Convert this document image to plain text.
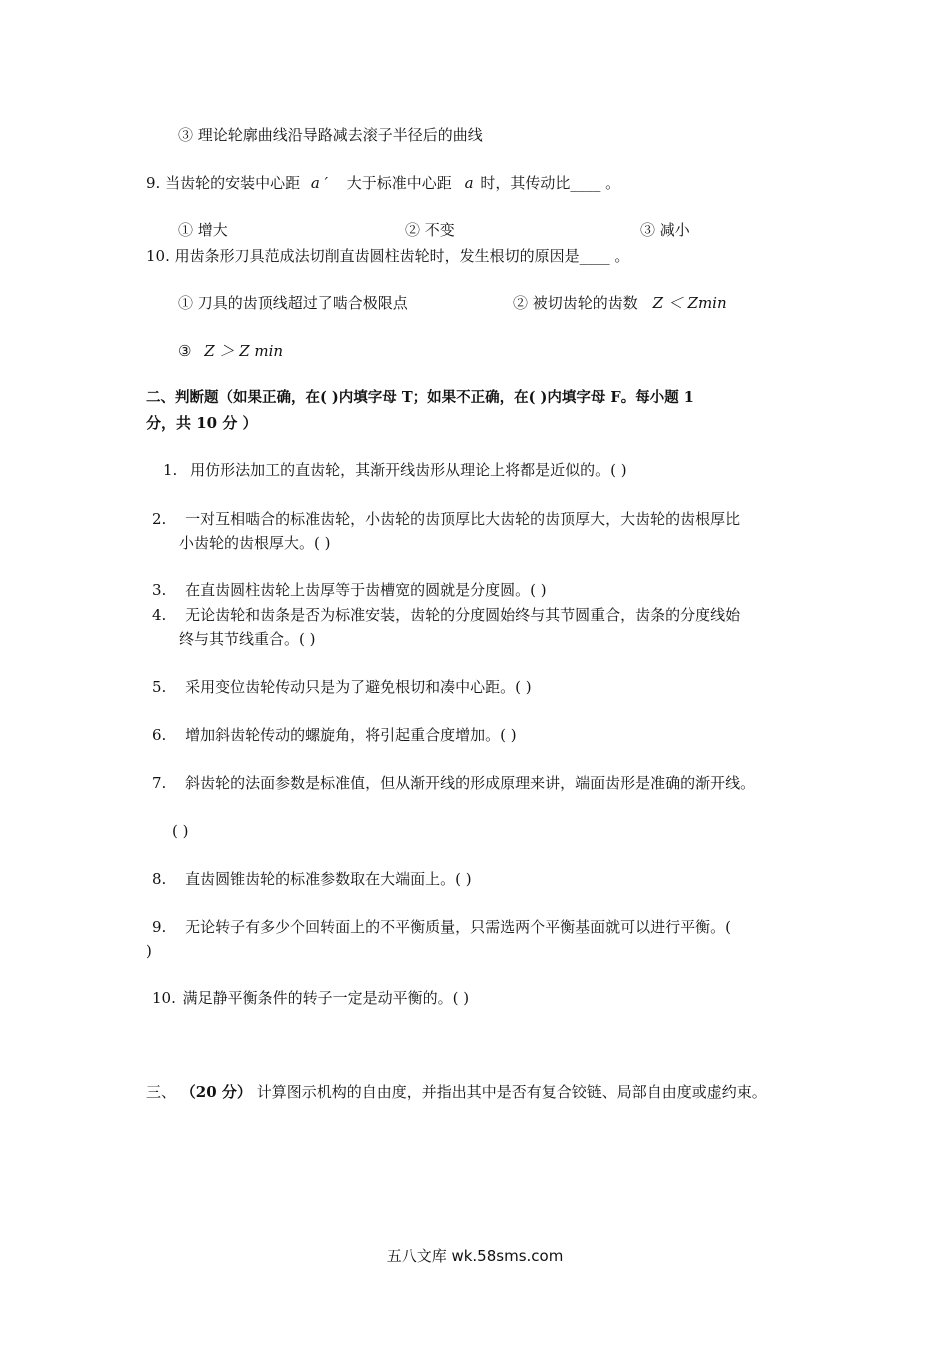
③ 理论轮廓曲线沿导路减去滚子半径后的曲线
9. 当齿轮的安装中心距 a ′ 大于标准中心距 a 时，其传动比____ 。
① 增大	② 不变	③ 减小
10. 用齿条形刀具范成法切削直齿圆柱齿轮时，发生根切的原因是____ 。
① 刀具的齿顶线超过了啮合极限点	② 被切齿轮的齿数 Z ＜ Zmin
③ Z ＞ Z min
二、判断题（如果正确，在( )内填字母 T；如果不正确，在( )内填字母 F。每小题 1
分，共 10 分 ）
1. 用仿形法加工的直齿轮，其渐开线齿形从理论上将都是近似的。( )
2. 一对互相啮合的标准齿轮，小齿轮的齿顶厚比大齿轮的齿顶厚大，大齿轮的齿根厚比
小齿轮的齿根厚大。( )
3. 在直齿圆柱齿轮上齿厚等于齿槽宽的圆就是分度圆。( )
4. 无论齿轮和齿条是否为标准安装，齿轮的分度圆始终与其节圆重合，齿条的分度线始
终与其节线重合。( )
5. 采用变位齿轮传动只是为了避免根切和凑中心距。( )
6. 增加斜齿轮传动的螺旋角，将引起重合度增加。( )
7. 斜齿轮的法面参数是标准值，但从渐开线的形成原理来讲，端面齿形是准确的渐开线。
( )
8. 直齿圆锥齿轮的标准参数取在大端面上。( )
9. 无论转子有多少个回转面上的不平衡质量，只需选两个平衡基面就可以进行平衡。(
)
10. 满足静平衡条件的转子一定是动平衡的。( )
三、 （20 分） 计算图示机构的自由度，并指出其中是否有复合铰链、局部自由度或虚约束。
五八文库 wk.58sms.com
